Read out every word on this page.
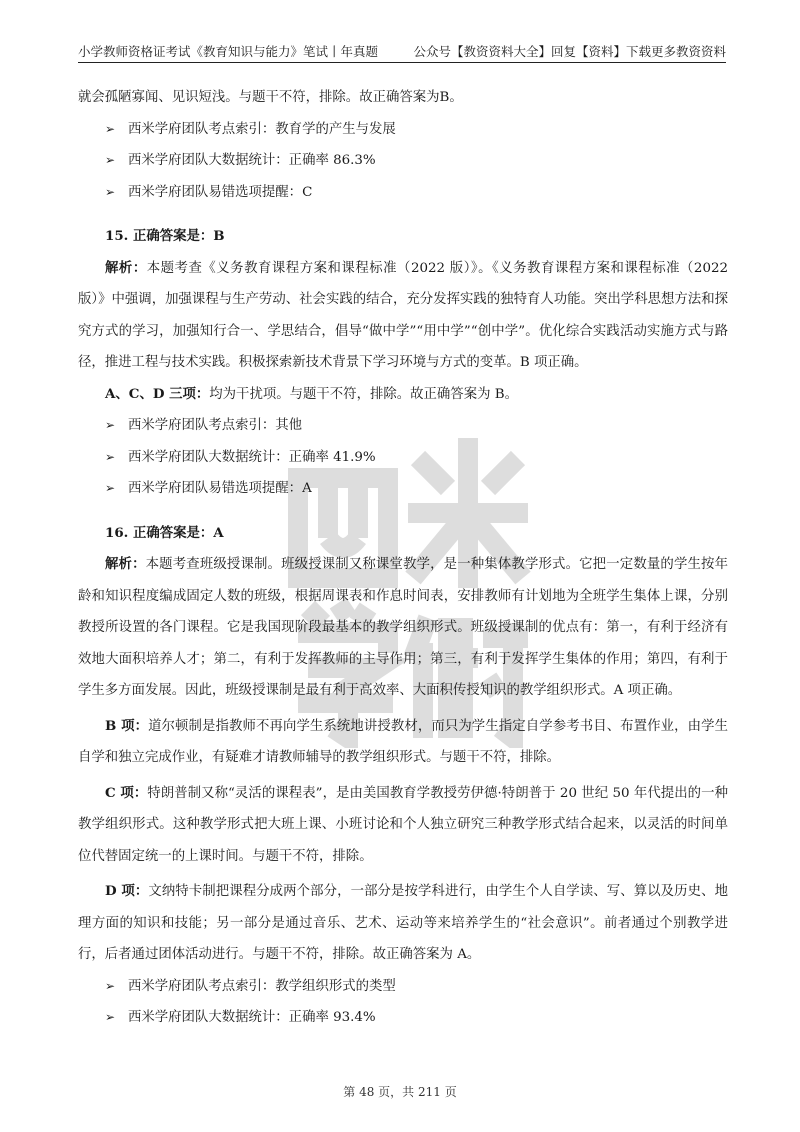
小学教师资格证考试《教育知识与能力》笔试丨年真题	公众号【教资资料大全】回复【资料】下载更多教资资料

就会孤陋寡闻、见识短浅。与题干不符，排除。故正确答案为B。

➢ 西米学府团队考点索引：教育学的产生与发展
➢ 西米学府团队大数据统计：正确率 86.3%
➢ 西米学府团队易错选项提醒：C
15. 正确答案是：B

解析：本题考查《义务教育课程方案和课程标准（2022 版）》。《义务教育课程方案和课程标准（2022 版）》中强调，加强课程与生产劳动、社会实践的结合，充分发挥实践的独特育人功能。突出学科思想方法和探究方式的学习，加强知行合一、学思结合，倡导“做中学”“用中学”“创中学”。优化综合实践活动实施方式与路径，推进工程与技术实践。积极探索新技术背景下学习环境与方式的变革。B 项正确。

A、C、D 三项：均为干扰项。与题干不符，排除。故正确答案为 B。

➢ 西米学府团队考点索引：其他
➢ 西米学府团队大数据统计：正确率 41.9%
➢ 西米学府团队易错选项提醒：A
16. 正确答案是：A

解析：本题考查班级授课制。班级授课制又称课堂教学，是一种集体教学形式。它把一定数量的学生按年龄和知识程度编成固定人数的班级，根据周课表和作息时间表，安排教师有计划地为全班学生集体上课，分别教授所设置的各门课程。它是我国现阶段最基本的教学组织形式。班级授课制的优点有：第一，有利于经济有效地大面积培养人才；第二，有利于发挥教师的主导作用；第三，有利于发挥学生集体的作用；第四，有利于学生多方面发展。因此，班级授课制是最有利于高效率、大面积传授知识的教学组织形式。A 项正确。

B 项：道尔顿制是指教师不再向学生系统地讲授教材，而只为学生指定自学参考书目、布置作业，由学生自学和独立完成作业，有疑难才请教师辅导的教学组织形式。与题干不符，排除。

C 项：特朗普制又称“灵活的课程表”，是由美国教育学教授劳伊德·特朗普于 20 世纪 50 年代提出的一种教学组织形式。这种教学形式把大班上课、小班讨论和个人独立研究三种教学形式结合起来，以灵活的时间单位代替固定统一的上课时间。与题干不符，排除。

D 项：文纳特卡制把课程分成两个部分，一部分是按学科进行，由学生个人自学读、写、算以及历史、地理方面的知识和技能；另一部分是通过音乐、艺术、运动等来培养学生的“社会意识”。前者通过个别教学进行，后者通过团体活动进行。与题干不符，排除。故正确答案为 A。

➢ 西米学府团队考点索引：教学组织形式的类型
➢ 西米学府团队大数据统计：正确率 93.4%
第 48 页，共 211 页
